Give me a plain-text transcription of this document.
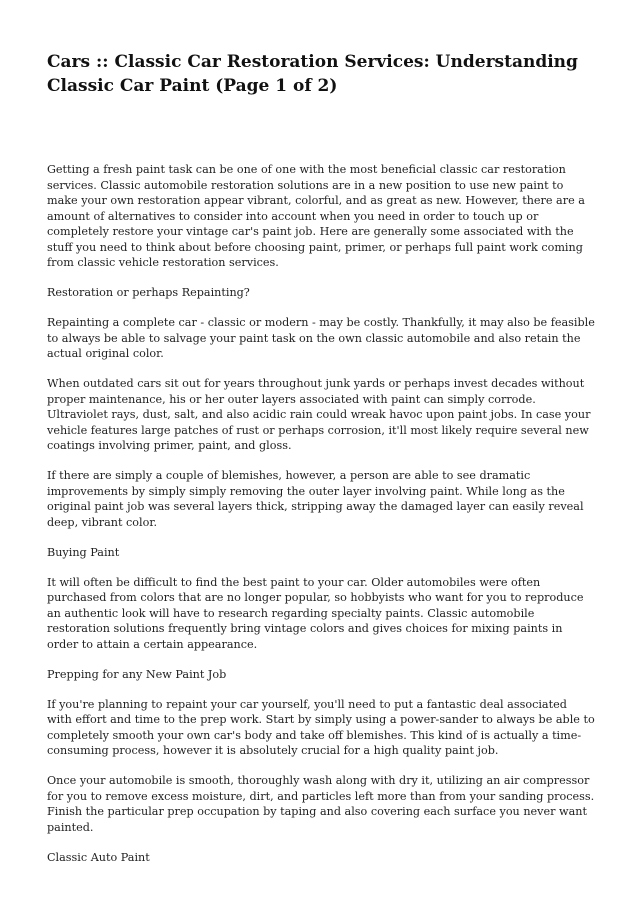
Cars :: Classic Car Restoration Services: Understanding Classic Car Paint (Page 1 of 2)

Getting a fresh paint task can be one of one with the most beneficial classic car restoration services. Classic automobile restoration solutions are in a new position to use new paint to make your own restoration appear vibrant, colorful, and as great as new. However, there are a amount of alternatives to consider into account when you need in order to touch up or completely restore your vintage car's paint job. Here are generally some associated with the stuff you need to think about before choosing paint, primer, or perhaps full paint work coming from classic vehicle restoration services.

Restoration or perhaps Repainting?

Repainting a complete car - classic or modern - may be costly. Thankfully, it may also be feasible to always be able to salvage your paint task on the own classic automobile and also retain the actual original color.

When outdated cars sit out for years throughout junk yards or perhaps invest decades without proper maintenance, his or her outer layers associated with paint can simply corrode. Ultraviolet rays, dust, salt, and also acidic rain could wreak havoc upon paint jobs. In case your vehicle features large patches of rust or perhaps corrosion, it'll most likely require several new coatings involving primer, paint, and gloss.

If there are simply a couple of blemishes, however, a person are able to see dramatic improvements by simply simply removing the outer layer involving paint. While long as the original paint job was several layers thick, stripping away the damaged layer can easily reveal deep, vibrant color.

Buying Paint

It will often be difficult to find the best paint to your car. Older automobiles were often purchased from colors that are no longer popular, so hobbyists who want for you to reproduce an authentic look will have to research regarding specialty paints. Classic automobile restoration solutions frequently bring vintage colors and gives choices for mixing paints in order to attain a certain appearance.

Prepping for any New Paint Job

If you're planning to repaint your car yourself, you'll need to put a fantastic deal associated with effort and time to the prep work. Start by simply using a power-sander to always be able to completely smooth your own car's body and take off blemishes. This kind of is actually a time-consuming process, however it is absolutely crucial for a high quality paint job.

Once your automobile is smooth, thoroughly wash along with dry it, utilizing an air compressor for you to remove excess moisture, dirt, and particles left more than from your sanding process. Finish the particular prep occupation by taping and also covering each surface you never want painted.

Classic Auto Paint
